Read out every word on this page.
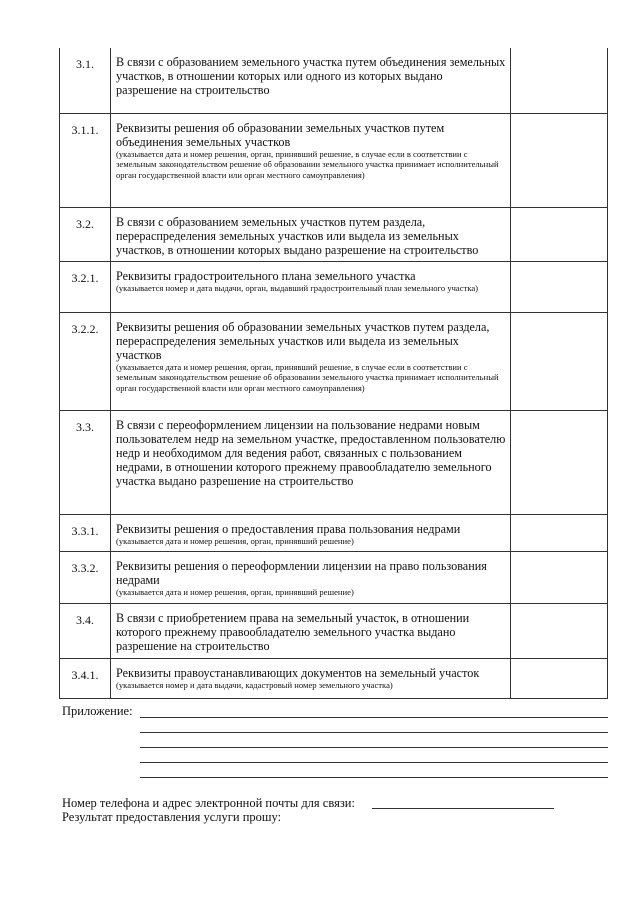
3.1.	В связи с образованием земельного участка путем объединения земельных участков, в отношении которых или одного из которых выдано разрешение на строительство	

3.1.1.	Реквизиты решения об образовании земельных участков путем объединения земельных участков
(указывается дата и номер решения, орган, принявший решение, в случае если в соответствии с земельным законодательством решение об образовании земельного участка принимает исполнительный орган государственной власти или орган местного самоуправления)	

3.2.	В связи с образованием земельных участков путем раздела, перераспределения земельных участков или выдела из земельных участков, в отношении которых выдано разрешение на строительство	

3.2.1.	Реквизиты градостроительного плана земельного участка
(указывается номер и дата выдачи, орган, выдавший градостроительный план земельного участка)	

3.2.2.	Реквизиты решения об образовании земельных участков путем раздела, перераспределения земельных участков или выдела из земельных участков
(указывается дата и номер решения, орган, принявший решение, в случае если в соответствии с земельным законодательством решение об образовании земельного участка принимает исполнительный орган государственной власти или орган местного самоуправления)	

3.3.	В связи с переоформлением лицензии на пользование недрами новым пользователем недр на земельном участке, предоставленном пользователю недр и необходимом для ведения работ, связанных с пользованием недрами, в отношении которого прежнему правообладателю земельного участка выдано разрешение на строительство	

3.3.1.	Реквизиты решения о предоставления права пользования недрами
(указывается дата и номер решения, орган, принявший решение)	

3.3.2.	Реквизиты решения о переоформлении лицензии на право пользования недрами
(указывается дата и номер решения, орган, принявший решение)	

3.4.	В связи с приобретением права на земельный участок, в отношении которого прежнему правообладателю земельного участка выдано разрешение на строительство	

3.4.1.	Реквизиты правоустанавливающих документов на земельный участок
(указывается номер и дата выдачи, кадастровый номер земельного участка)	

Приложение:
Номер телефона и адрес электронной почты для связи:
Результат предоставления услуги прошу:
